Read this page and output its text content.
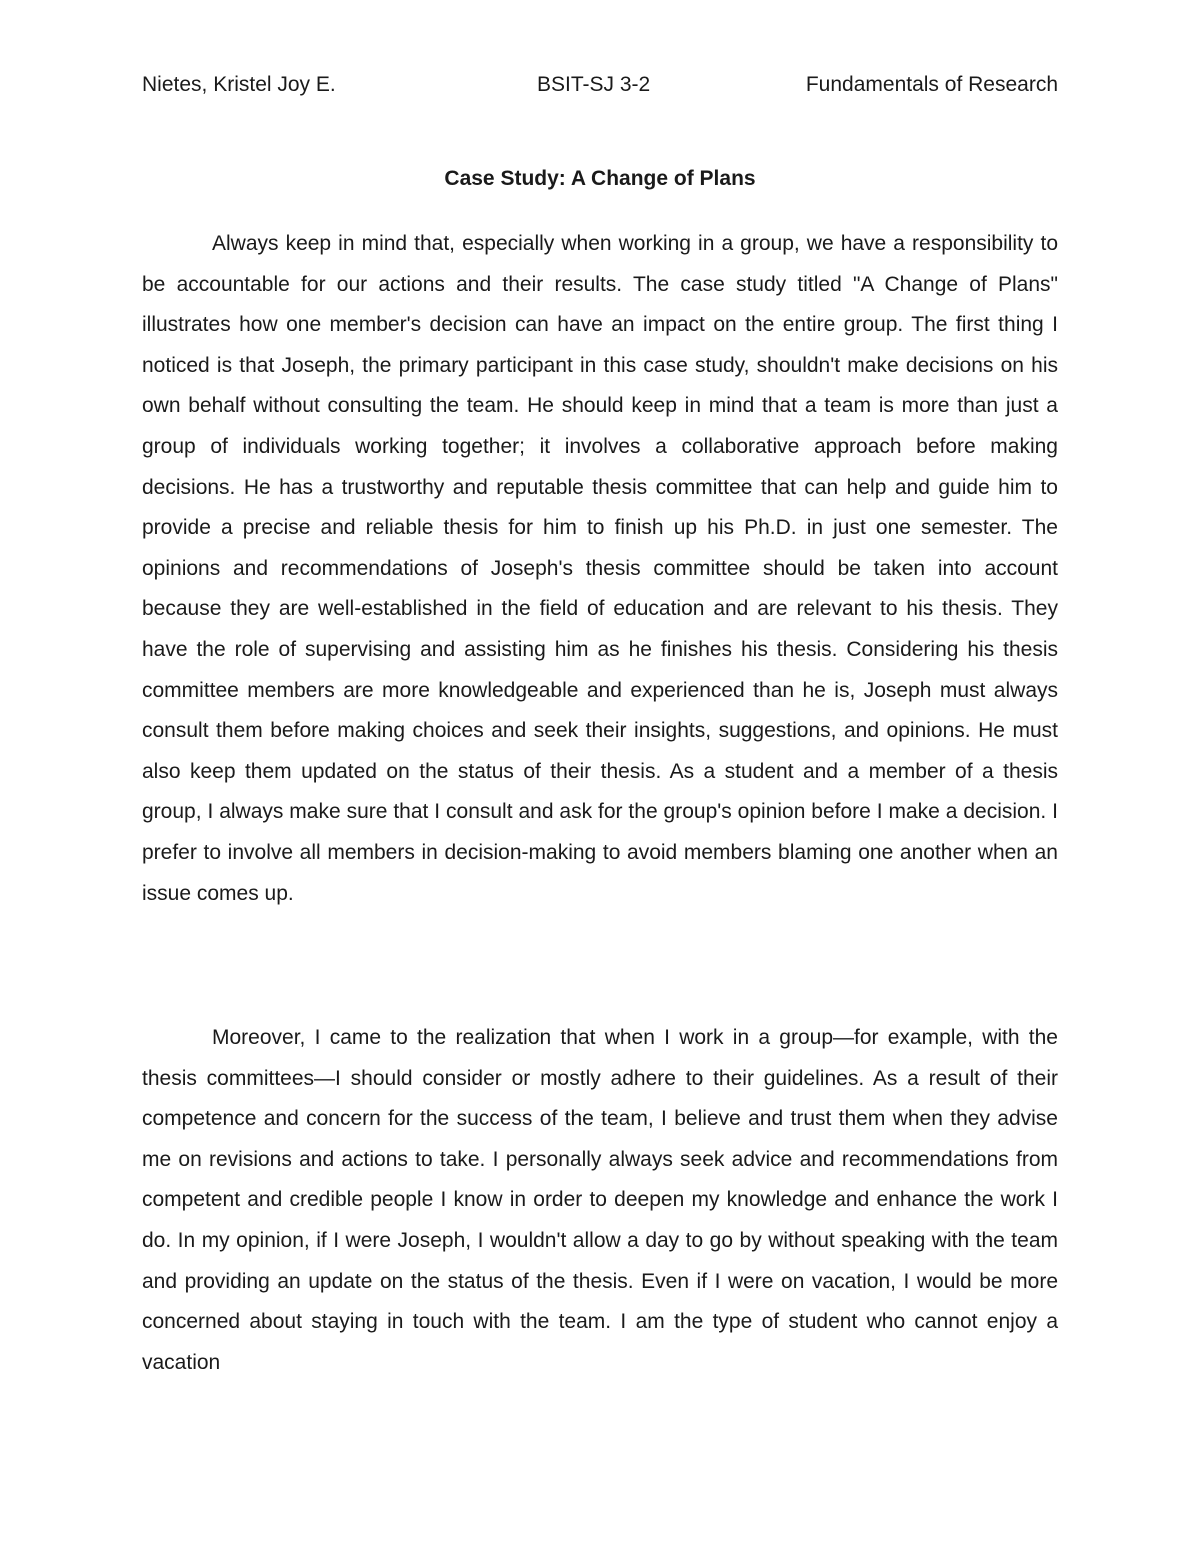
Nietes, Kristel Joy E.	BSIT-SJ 3-2	Fundamentals of Research
Case Study: A Change of Plans

Always keep in mind that, especially when working in a group, we have a responsibility to be accountable for our actions and their results. The case study titled "A Change of Plans" illustrates how one member's decision can have an impact on the entire group. The first thing I noticed is that Joseph, the primary participant in this case study, shouldn't make decisions on his own behalf without consulting the team. He should keep in mind that a team is more than just a group of individuals working together; it involves a collaborative approach before making decisions. He has a trustworthy and reputable thesis committee that can help and guide him to provide a precise and reliable thesis for him to finish up his Ph.D. in just one semester. The opinions and recommendations of Joseph's thesis committee should be taken into account because they are well-established in the field of education and are relevant to his thesis. They have the role of supervising and assisting him as he finishes his thesis. Considering his thesis committee members are more knowledgeable and experienced than he is, Joseph must always consult them before making choices and seek their insights, suggestions, and opinions. He must also keep them updated on the status of their thesis. As a student and a member of a thesis group, I always make sure that I consult and ask for the group's opinion before I make a decision. I prefer to involve all members in decision-making to avoid members blaming one another when an issue comes up.

Moreover, I came to the realization that when I work in a group—for example, with the thesis committees—I should consider or mostly adhere to their guidelines. As a result of their competence and concern for the success of the team, I believe and trust them when they advise me on revisions and actions to take. I personally always seek advice and recommendations from competent and credible people I know in order to deepen my knowledge and enhance the work I do. In my opinion, if I were Joseph, I wouldn't allow a day to go by without speaking with the team and providing an update on the status of the thesis. Even if I were on vacation, I would be more concerned about staying in touch with the team. I am the type of student who cannot enjoy a vacation
